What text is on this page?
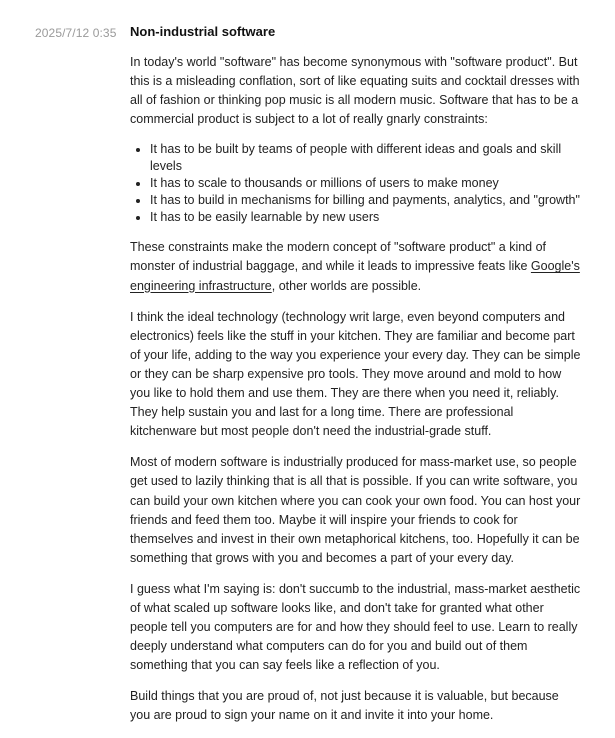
2025/7/12 0:35 Non-industrial software

In today's world "software" has become synonymous with "software product". But this is a misleading conflation, sort of like equating suits and cocktail dresses with all of fashion or thinking pop music is all modern music. Software that has to be a commercial product is subject to a lot of really gnarly constraints:

• It has to be built by teams of people with different ideas and goals and skill levels
• It has to scale to thousands or millions of users to make money
• It has to build in mechanisms for billing and payments, analytics, and "growth"
• It has to be easily learnable by new users

These constraints make the modern concept of "software product" a kind of monster of industrial baggage, and while it leads to impressive feats like Google's engineering infrastructure, other worlds are possible.

I think the ideal technology (technology writ large, even beyond computers and electronics) feels like the stuff in your kitchen. They are familiar and become part of your life, adding to the way you experience your every day. They can be simple or they can be sharp expensive pro tools. They move around and mold to how you like to hold them and use them. They are there when you need it, reliably. They help sustain you and last for a long time. There are professional kitchenware but most people don't need the industrial-grade stuff.

Most of modern software is industrially produced for mass-market use, so people get used to lazily thinking that is all that is possible. If you can write software, you can build your own kitchen where you can cook your own food. You can host your friends and feed them too. Maybe it will inspire your friends to cook for themselves and invest in their own metaphorical kitchens, too. Hopefully it can be something that grows with you and becomes a part of your every day.

I guess what I'm saying is: don't succumb to the industrial, mass-market aesthetic of what scaled up software looks like, and don't take for granted what other people tell you computers are for and how they should feel to use. Learn to really deeply understand what computers can do for you and build out of them something that you can say feels like a reflection of you.

Build things that you are proud of, not just because it is valuable, but because you are proud to sign your name on it and invite it into your home.
